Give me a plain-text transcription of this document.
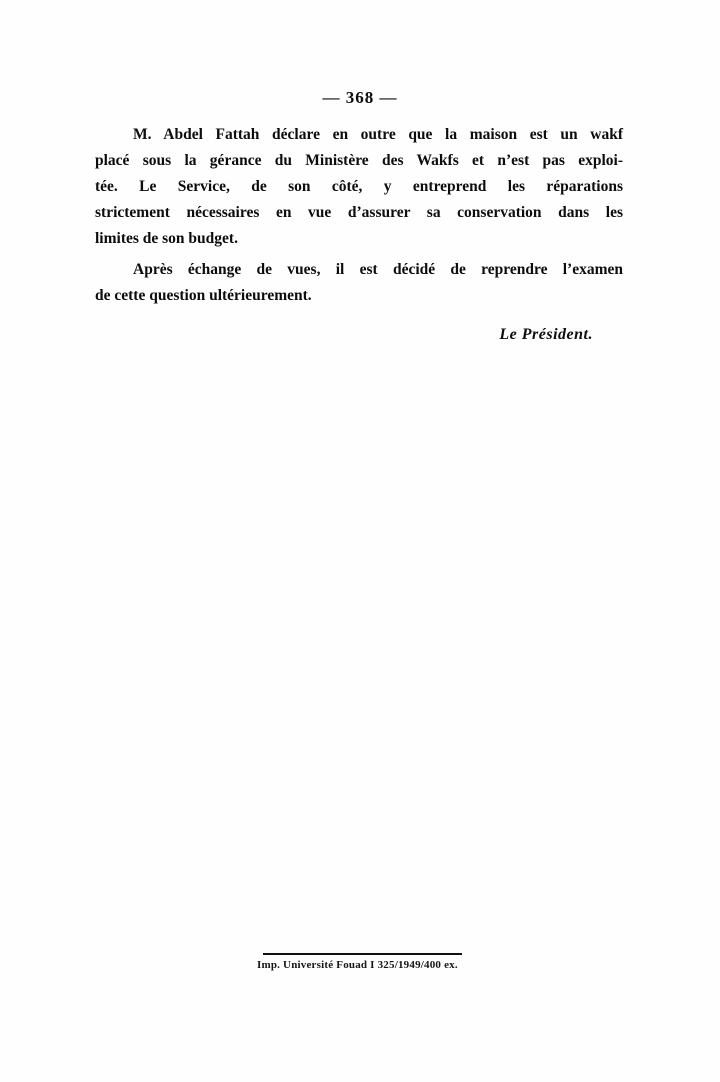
— 368 —
M. Abdel Fattah déclare en outre que la maison est un wakf
placé sous la gérance du Ministère des Wakfs et n’est pas exploi-
tée. Le Service, de son côté, y entreprend les réparations
strictement nécessaires en vue d’assurer sa conservation dans les
limites de son budget.
Après échange de vues, il est décidé de reprendre l’examen
de cette question ultérieurement.
Le Président.
Imp. Université Fouad I 325/1949/400 ex.
